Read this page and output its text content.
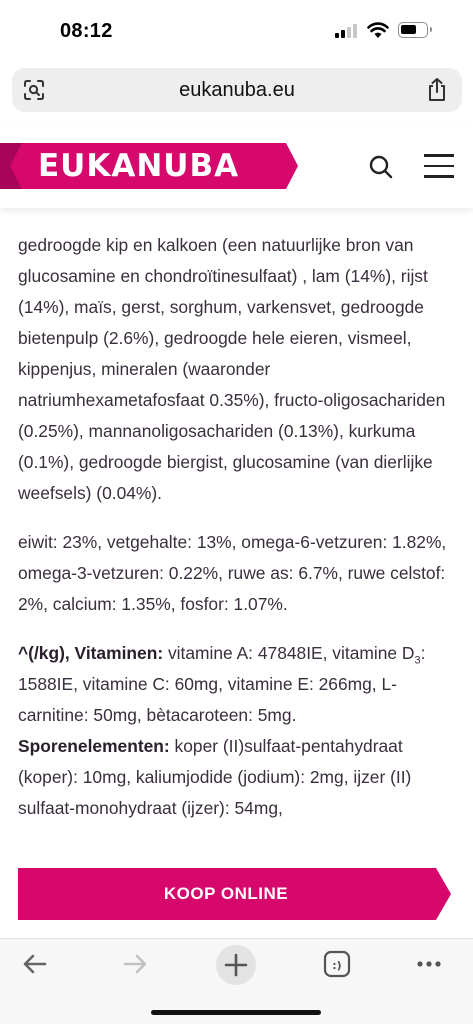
08:12
eukanuba.eu
EUKANUBA

gedroogde kip en kalkoen (een natuurlijke bron van glucosamine en chondroïtinesulfaat) , lam (14%), rijst (14%), maïs, gerst, sorghum, varkensvet, gedroogde bietenpulp (2.6%), gedroogde hele eieren, vismeel, kippenjus, mineralen (waaronder natriumhexametafosfaat 0.35%), fructo-oligosachariden (0.25%), mannanoligosachariden (0.13%), kurkuma (0.1%), gedroogde biergist, glucosamine (van dierlijke weefsels) (0.04%).

eiwit: 23%, vetgehalte: 13%, omega-6-vetzuren: 1.82%, omega-3-vetzuren: 0.22%, ruwe as: 6.7%, ruwe celstof: 2%, calcium: 1.35%, fosfor: 1.07%.

^(/kg), Vitaminen: vitamine A: 47848IE, vitamine $D_3$: 1588IE, vitamine C: 60mg, vitamine E: 266mg, L-carnitine: 50mg, bètacaroteen: 5mg.
Sporenelementen: koper (II)sulfaat-pentahydraat (koper): 10mg, kaliumjodide (jodium): 2mg, ijzer (II) sulfaat-monohydraat (ijzer): 54mg,

KOOP ONLINE
:)
